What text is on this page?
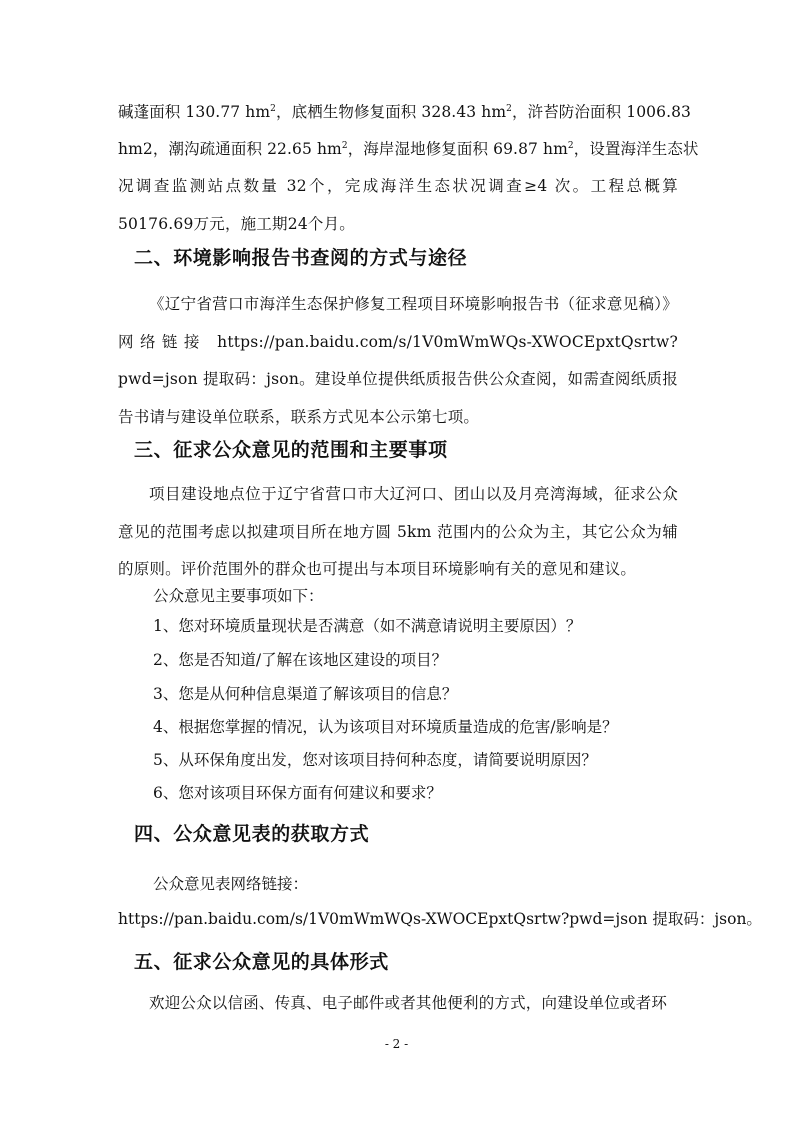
碱蓬面积 130.77 $hm^2$，底栖生物修复面积 328.43 $hm^2$，浒苔防治面积 1006.83
hm2，潮沟疏通面积 22.65 $hm^2$，海岸湿地修复面积 69.87 $hm^2$，设置海洋生态状

况调查监测站点数量 32个，完成海洋生态状况调查≥4 次。工程总概算50176.69万元，施工期24个月。

二、环境影响报告书查阅的方式与途径

《辽宁省营口市海洋生态保护修复工程项目环境影响报告书（征求意见稿）》网络链接 https://pan.baidu.com/s/1V0mWmWQs-XWOCEpxtQsrtw?pwd=json 提取码：json。建设单位提供纸质报告供公众查阅，如需查阅纸质报告书请与建设单位联系，联系方式见本公示第七项。

三、征求公众意见的范围和主要事项

项目建设地点位于辽宁省营口市大辽河口、团山以及月亮湾海域，征求公众意见的范围考虑以拟建项目所在地方圆 5km 范围内的公众为主，其它公众为辅的原则。评价范围外的群众也可提出与本项目环境影响有关的意见和建议。

公众意见主要事项如下：

1、您对环境质量现状是否满意（如不满意请说明主要原因）？

2、您是否知道/了解在该地区建设的项目？

3、您是从何种信息渠道了解该项目的信息？

4、根据您掌握的情况，认为该项目对环境质量造成的危害/影响是？

5、从环保角度出发，您对该项目持何种态度，请简要说明原因？

6、您对该项目环保方面有何建议和要求？

四、公众意见表的获取方式

公众意见表网络链接：

https://pan.baidu.com/s/1V0mWmWQs-XWOCEpxtQsrtw?pwd=json 提取码：json。

五、征求公众意见的具体形式

欢迎公众以信函、传真、电子邮件或者其他便利的方式，向建设单位或者环

- 2 -
